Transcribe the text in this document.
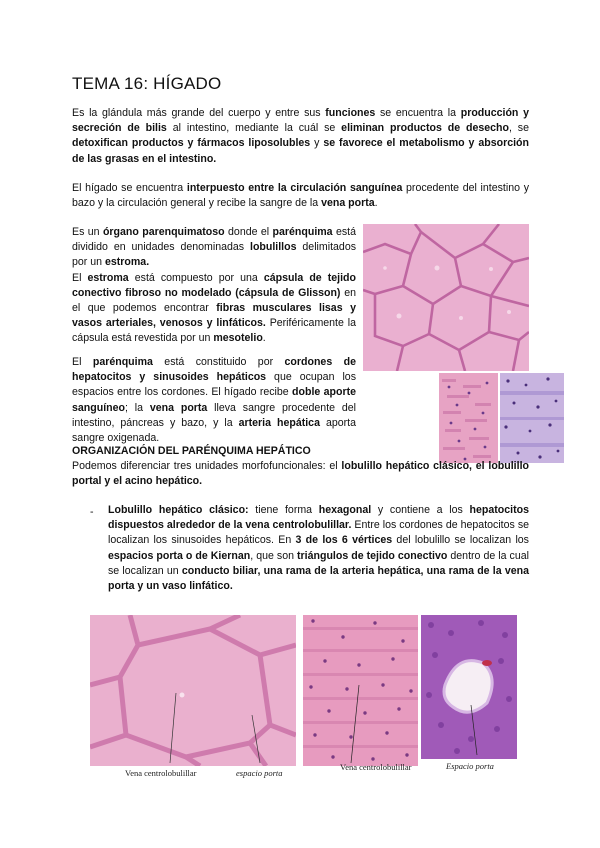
TEMA 16: HÍGADO

Es la glándula más grande del cuerpo y entre sus funciones se encuentra la producción y secreción de bilis al intestino, mediante la cuál se eliminan productos de desecho, se detoxifican productos y fármacos liposolubles y se favorece el metabolismo y absorción de las grasas en el intestino.

El hígado se encuentra interpuesto entre la circulación sanguínea procedente del intestino y bazo y la circulación general y recibe la sangre de la vena porta.

Es un órgano parenquimatoso donde el parénquima está dividido en unidades denominadas lobulillos delimitados por un estroma.
El estroma está compuesto por una cápsula de tejido conectivo fibroso no modelado (cápsula de Glisson) en el que podemos encontrar fibras musculares lisas y vasos arteriales, venosos y linfáticos. Periféricamente la cápsula está revestida por un mesotelio.

El parénquima está constituido por cordones de hepatocitos y sinusoides hepáticos que ocupan los espacios entre los cordones. El hígado recibe doble aporte sanguíneo; la vena porta lleva sangre procedente del intestino, páncreas y bazo, y la arteria hepática aporta sangre oxigenada.

ORGANIZACIÓN DEL PARÉNQUIMA HEPÁTICO

Podemos diferenciar tres unidades morfofuncionales: el lobulillo hepático clásico, el lobulillo portal y el acino hepático.

- Lobulillo hepático clásico: tiene forma hexagonal y contiene a los hepatocitos dispuestos alrededor de la vena centrolobulillar. Entre los cordones de hepatocitos se localizan los sinusoides hepáticos. En 3 de los 6 vértices del lobulillo se localizan los espacios porta o de Kiernan, que son triángulos de tejido conectivo dentro de la cual se localizan un conducto biliar, una rama de la arteria hepática, una rama de la vena porta y un vaso linfático.

Vena centrolobulillar	espacio porta
Vena centrolobulillar	Espacio porta
